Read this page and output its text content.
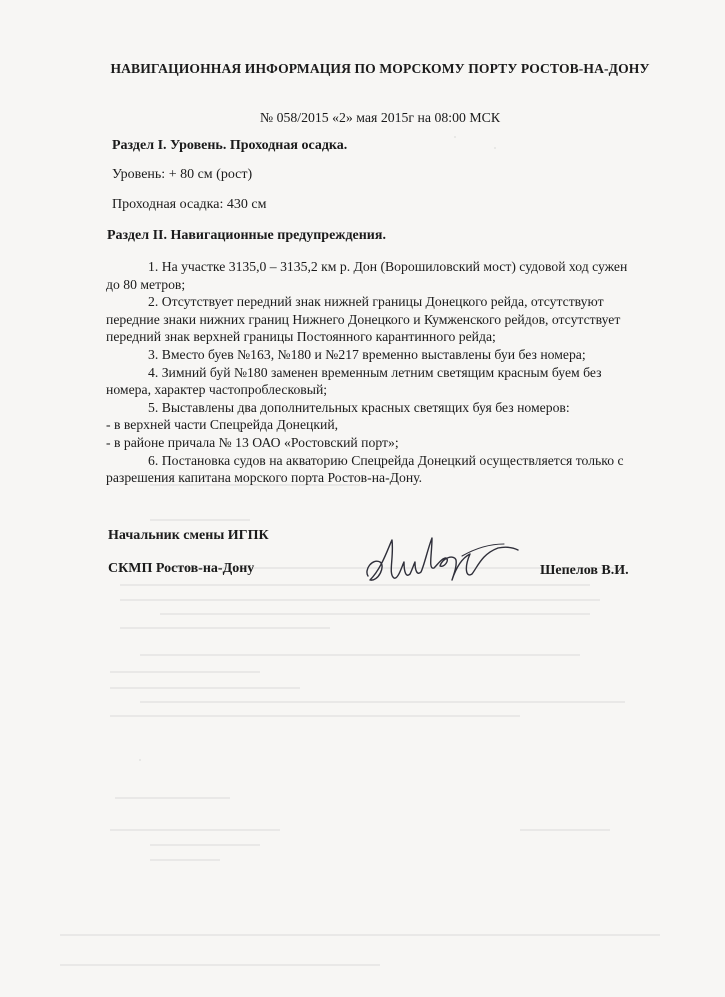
НАВИГАЦИОННАЯ ИНФОРМАЦИЯ ПО МОРСКОМУ ПОРТУ РОСТОВ-НА-ДОНУ
№ 058/2015 «2» мая 2015г на 08:00 МСК
Раздел I. Уровень. Проходная осадка.
Уровень: + 80 см (рост)
Проходная осадка: 430 см
Раздел II. Навигационные предупреждения.
1. На участке 3135,0 – 3135,2 км р. Дон (Ворошиловский мост) судовой ход сужен до 80 метров;
2. Отсутствует передний знак нижней границы Донецкого рейда, отсутствуют передние знаки нижних границ Нижнего Донецкого и Кумженского рейдов, отсутствует передний знак верхней границы Постоянного карантинного рейда;
3. Вместо буев №163, №180 и №217 временно выставлены буи без номера;
4. Зимний буй №180 заменен временным летним светящим красным буем без номера, характер частопроблесковый;
5. Выставлены два дополнительных красных светящих буя без номеров:
- в верхней части Спецрейда Донецкий,
- в районе причала № 13 ОАО «Ростовский порт»;
6. Постановка судов на акваторию Спецрейда Донецкий осуществляется только с разрешения капитана морского порта Ростов-на-Дону.
Начальник смены ИГПК
СКМП Ростов-на-Дону	Шепелов В.И.
